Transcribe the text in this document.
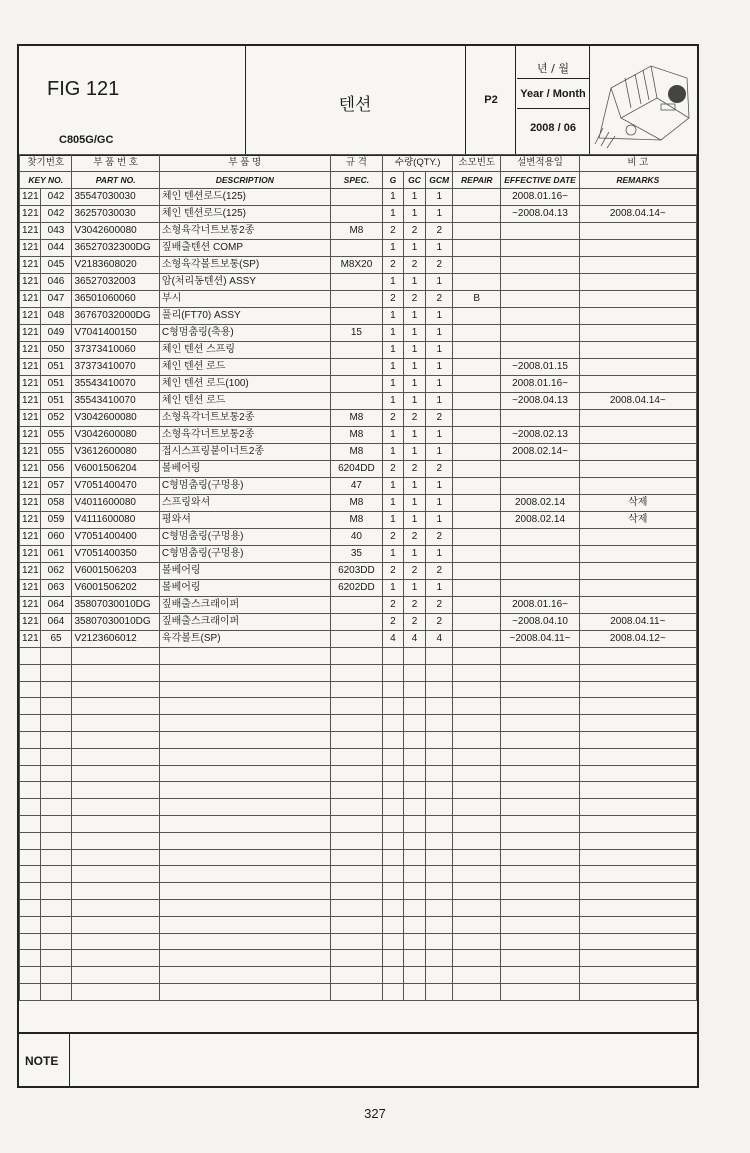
FIG 121
C805G/GC
텐션	P2
년 / 월
Year / Month
2008 / 06
찾기번호		부 품 번 호	부 품 명	규 격	수량(QTY.)			소모빈도	설변적용일	비 고
KEY NO.		PART NO.	DESCRIPTION	SPEC.	G	GC	GCM	REPAIR	EFFECTIVE DATE	REMARKS
121	042	35547030030	체인 텐션로드(125)		1	1	1		2008.01.16~	
121	042	36257030030	체인 텐션로드(125)		1	1	1		~2008.04.13	2008.04.14~
121	043	V3042600080	소형육각너트보통2종	M8	2	2	2			
121	044	36527032300DG	짚배출텐션 COMP		1	1	1			
121	045	V2183608020	소형육각볼트보통(SP)	M8X20	2	2	2			
121	046	36527032003	암(처리동텐션) ASSY		1	1	1			
121	047	36501060060	부시		2	2	2	B		
121	048	36767032000DG	풀리(FT70) ASSY		1	1	1			
121	049	V7041400150	C형멈춤링(축용)	15	1	1	1			
121	050	37373410060	체인 텐션 스프링		1	1	1			
121	051	37373410070	체인 텐션 로드		1	1	1		~2008.01.15	
121	051	35543410070	체인 텐션 로드(100)		1	1	1		2008.01.16~	
121	051	35543410070	체인 텐션 로드		1	1	1		~2008.04.13	2008.04.14~
121	052	V3042600080	소형육각너트보통2종	M8	2	2	2			
121	055	V3042600080	소형육각너트보통2종	M8	1	1	1		~2008.02.13	
121	055	V3612600080	접시스프링붙이너트2종	M8	1	1	1		2008.02.14~	
121	056	V6001506204	볼베어링	6204DD	2	2	2			
121	057	V7051400470	C형멈춤링(구멍용)	47	1	1	1			
121	058	V4011600080	스프링와셔	M8	1	1	1		2008.02.14	삭제
121	059	V4111600080	평와셔	M8	1	1	1		2008.02.14	삭제
121	060	V7051400400	C형멈춤링(구멍용)	40	2	2	2			
121	061	V7051400350	C형멈춤링(구멍용)	35	1	1	1			
121	062	V6001506203	볼베어링	6203DD	2	2	2			
121	063	V6001506202	볼베어링	6202DD	1	1	1			
121	064	35807030010DG	짚배출스크래이퍼		2	2	2		2008.01.16~	
121	064	35807030010DG	짚배출스크래이퍼		2	2	2		~2008.04.10	2008.04.11~
121	65	V2123606012	육각볼트(SP)		4	4	4		~2008.04.11~	2008.04.12~

NOTE
327
